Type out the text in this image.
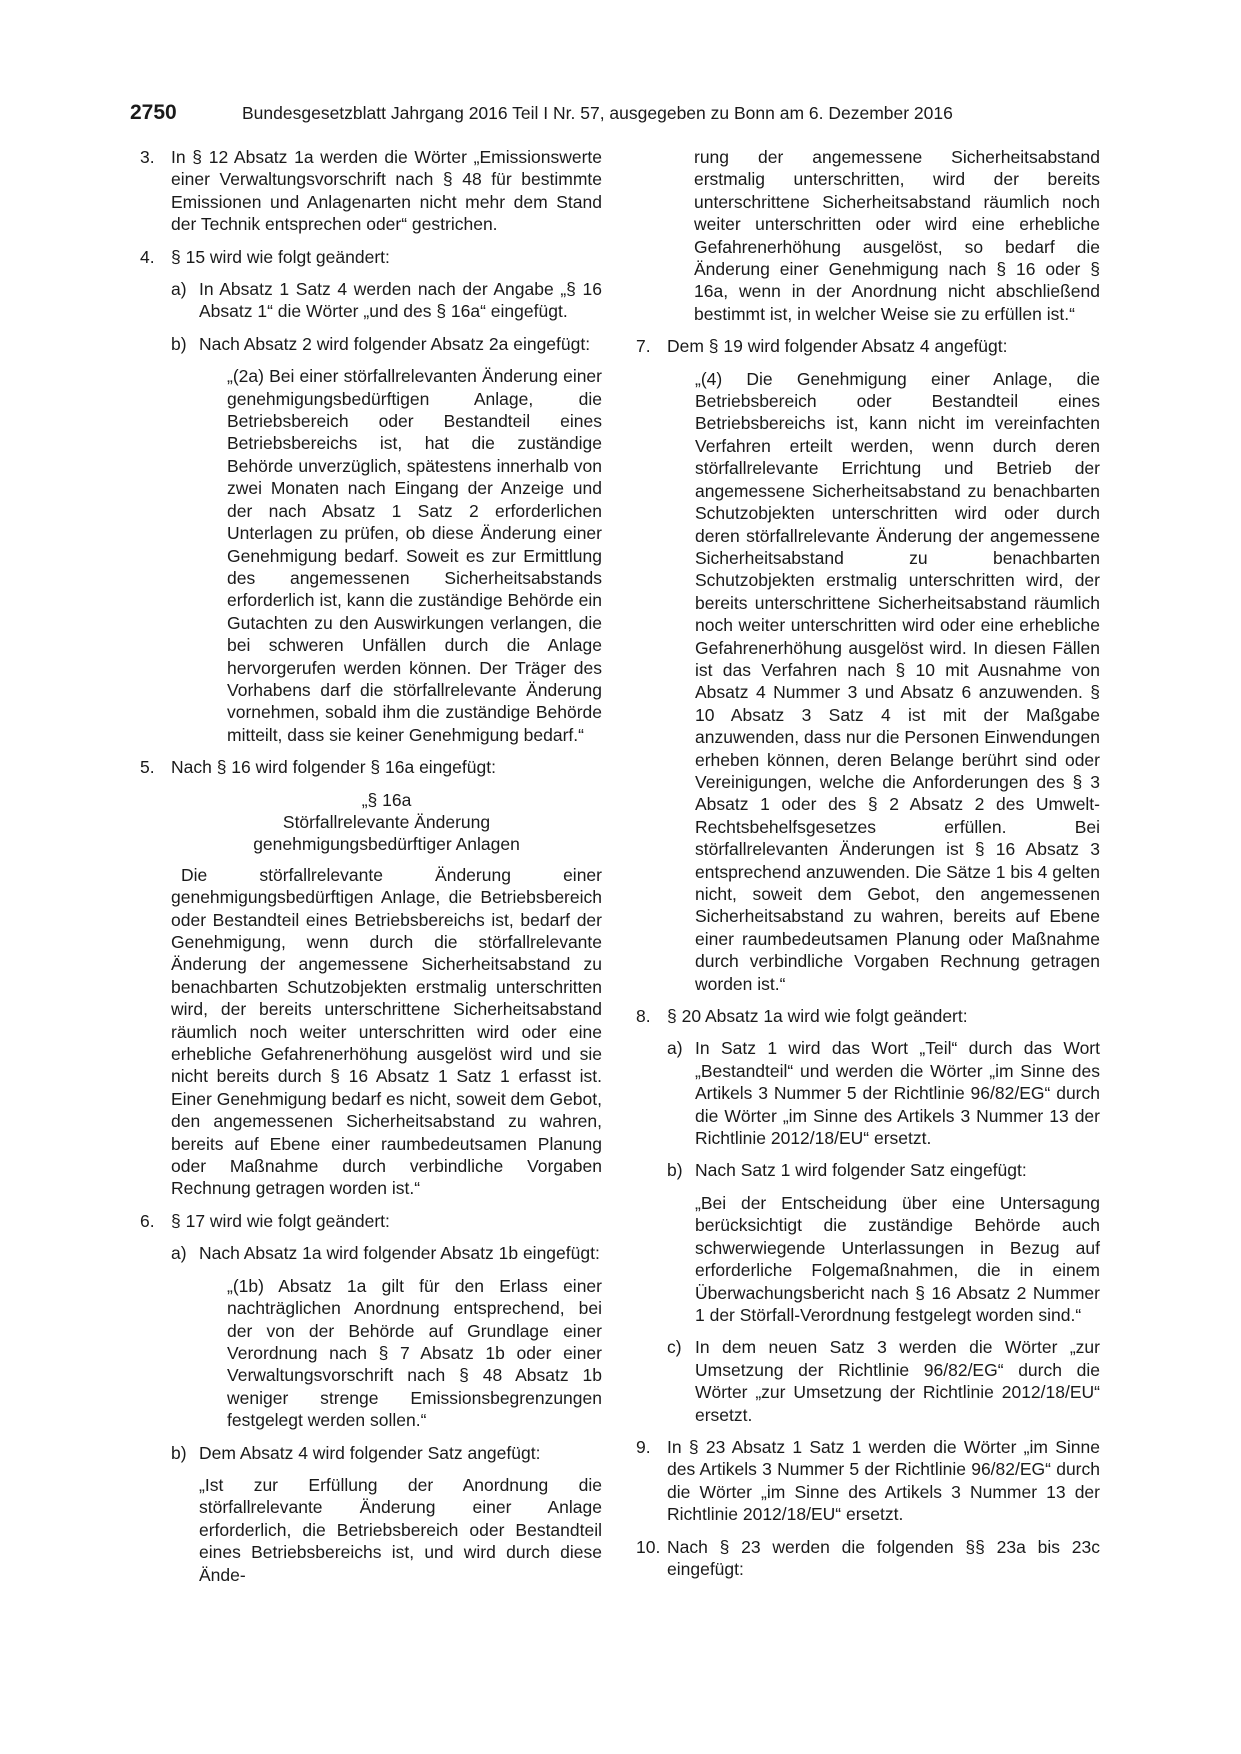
2750	Bundesgesetzblatt Jahrgang 2016 Teil I Nr. 57, ausgegeben zu Bonn am 6. Dezember 2016
3. In § 12 Absatz 1a werden die Wörter „Emissionswerte einer Verwaltungsvorschrift nach § 48 für bestimmte Emissionen und Anlagenarten nicht mehr dem Stand der Technik entsprechen oder“ gestrichen.

4. § 15 wird wie folgt geändert:

a) In Absatz 1 Satz 4 werden nach der Angabe „§ 16 Absatz 1“ die Wörter „und des § 16a“ eingefügt.

b) Nach Absatz 2 wird folgender Absatz 2a eingefügt:

„(2a) Bei einer störfallrelevanten Änderung einer genehmigungsbedürftigen Anlage, die Betriebsbereich oder Bestandteil eines Betriebsbereichs ist, hat die zuständige Behörde unverzüglich, spätestens innerhalb von zwei Monaten nach Eingang der Anzeige und der nach Absatz 1 Satz 2 erforderlichen Unterlagen zu prüfen, ob diese Änderung einer Genehmigung bedarf. Soweit es zur Ermittlung des angemessenen Sicherheitsabstands erforderlich ist, kann die zuständige Behörde ein Gutachten zu den Auswirkungen verlangen, die bei schweren Unfällen durch die Anlage hervorgerufen werden können. Der Träger des Vorhabens darf die störfallrelevante Änderung vornehmen, sobald ihm die zuständige Behörde mitteilt, dass sie keiner Genehmigung bedarf.“

5. Nach § 16 wird folgender § 16a eingefügt:

„§ 16a
Störfallrelevante Änderung
genehmigungsbedürftiger Anlagen

Die störfallrelevante Änderung einer genehmigungsbedürftigen Anlage, die Betriebsbereich oder Bestandteil eines Betriebsbereichs ist, bedarf der Genehmigung, wenn durch die störfallrelevante Änderung der angemessene Sicherheitsabstand zu benachbarten Schutzobjekten erstmalig unterschritten wird, der bereits unterschrittene Sicherheitsabstand räumlich noch weiter unterschritten wird oder eine erhebliche Gefahrenerhöhung ausgelöst wird und sie nicht bereits durch § 16 Absatz 1 Satz 1 erfasst ist. Einer Genehmigung bedarf es nicht, soweit dem Gebot, den angemessenen Sicherheitsabstand zu wahren, bereits auf Ebene einer raumbedeutsamen Planung oder Maßnahme durch verbindliche Vorgaben Rechnung getragen worden ist.“

6. § 17 wird wie folgt geändert:

a) Nach Absatz 1a wird folgender Absatz 1b eingefügt:

„(1b) Absatz 1a gilt für den Erlass einer nachträglichen Anordnung entsprechend, bei der von der Behörde auf Grundlage einer Verordnung nach § 7 Absatz 1b oder einer Verwaltungsvorschrift nach § 48 Absatz 1b weniger strenge Emissionsbegrenzungen festgelegt werden sollen.“

b) Dem Absatz 4 wird folgender Satz angefügt:

„Ist zur Erfüllung der Anordnung die störfallrelevante Änderung einer Anlage erforderlich, die Betriebsbereich oder Bestandteil eines Betriebsbereichs ist, und wird durch diese Ände-

rung der angemessene Sicherheitsabstand erstmalig unterschritten, wird der bereits unterschrittene Sicherheitsabstand räumlich noch weiter unterschritten oder wird eine erhebliche Gefahrenerhöhung ausgelöst, so bedarf die Änderung einer Genehmigung nach § 16 oder § 16a, wenn in der Anordnung nicht abschließend bestimmt ist, in welcher Weise sie zu erfüllen ist.“

7. Dem § 19 wird folgender Absatz 4 angefügt:

„(4) Die Genehmigung einer Anlage, die Betriebsbereich oder Bestandteil eines Betriebsbereichs ist, kann nicht im vereinfachten Verfahren erteilt werden, wenn durch deren störfallrelevante Errichtung und Betrieb der angemessene Sicherheitsabstand zu benachbarten Schutzobjekten unterschritten wird oder durch deren störfallrelevante Änderung der angemessene Sicherheitsabstand zu benachbarten Schutzobjekten erstmalig unterschritten wird, der bereits unterschrittene Sicherheitsabstand räumlich noch weiter unterschritten wird oder eine erhebliche Gefahrenerhöhung ausgelöst wird. In diesen Fällen ist das Verfahren nach § 10 mit Ausnahme von Absatz 4 Nummer 3 und Absatz 6 anzuwenden. § 10 Absatz 3 Satz 4 ist mit der Maßgabe anzuwenden, dass nur die Personen Einwendungen erheben können, deren Belange berührt sind oder Vereinigungen, welche die Anforderungen des § 3 Absatz 1 oder des § 2 Absatz 2 des Umwelt-Rechtsbehelfsgesetzes erfüllen. Bei störfallrelevanten Änderungen ist § 16 Absatz 3 entsprechend anzuwenden. Die Sätze 1 bis 4 gelten nicht, soweit dem Gebot, den angemessenen Sicherheitsabstand zu wahren, bereits auf Ebene einer raumbedeutsamen Planung oder Maßnahme durch verbindliche Vorgaben Rechnung getragen worden ist.“

8. § 20 Absatz 1a wird wie folgt geändert:

a) In Satz 1 wird das Wort „Teil“ durch das Wort „Bestandteil“ und werden die Wörter „im Sinne des Artikels 3 Nummer 5 der Richtlinie 96/82/EG“ durch die Wörter „im Sinne des Artikels 3 Nummer 13 der Richtlinie 2012/18/EU“ ersetzt.

b) Nach Satz 1 wird folgender Satz eingefügt:

„Bei der Entscheidung über eine Untersagung berücksichtigt die zuständige Behörde auch schwerwiegende Unterlassungen in Bezug auf erforderliche Folgemaßnahmen, die in einem Überwachungsbericht nach § 16 Absatz 2 Nummer 1 der Störfall-Verordnung festgelegt worden sind.“

c) In dem neuen Satz 3 werden die Wörter „zur Umsetzung der Richtlinie 96/82/EG“ durch die Wörter „zur Umsetzung der Richtlinie 2012/18/EU“ ersetzt.

9. In § 23 Absatz 1 Satz 1 werden die Wörter „im Sinne des Artikels 3 Nummer 5 der Richtlinie 96/82/EG“ durch die Wörter „im Sinne des Artikels 3 Nummer 13 der Richtlinie 2012/18/EU“ ersetzt.

10. Nach § 23 werden die folgenden §§ 23a bis 23c eingefügt:
